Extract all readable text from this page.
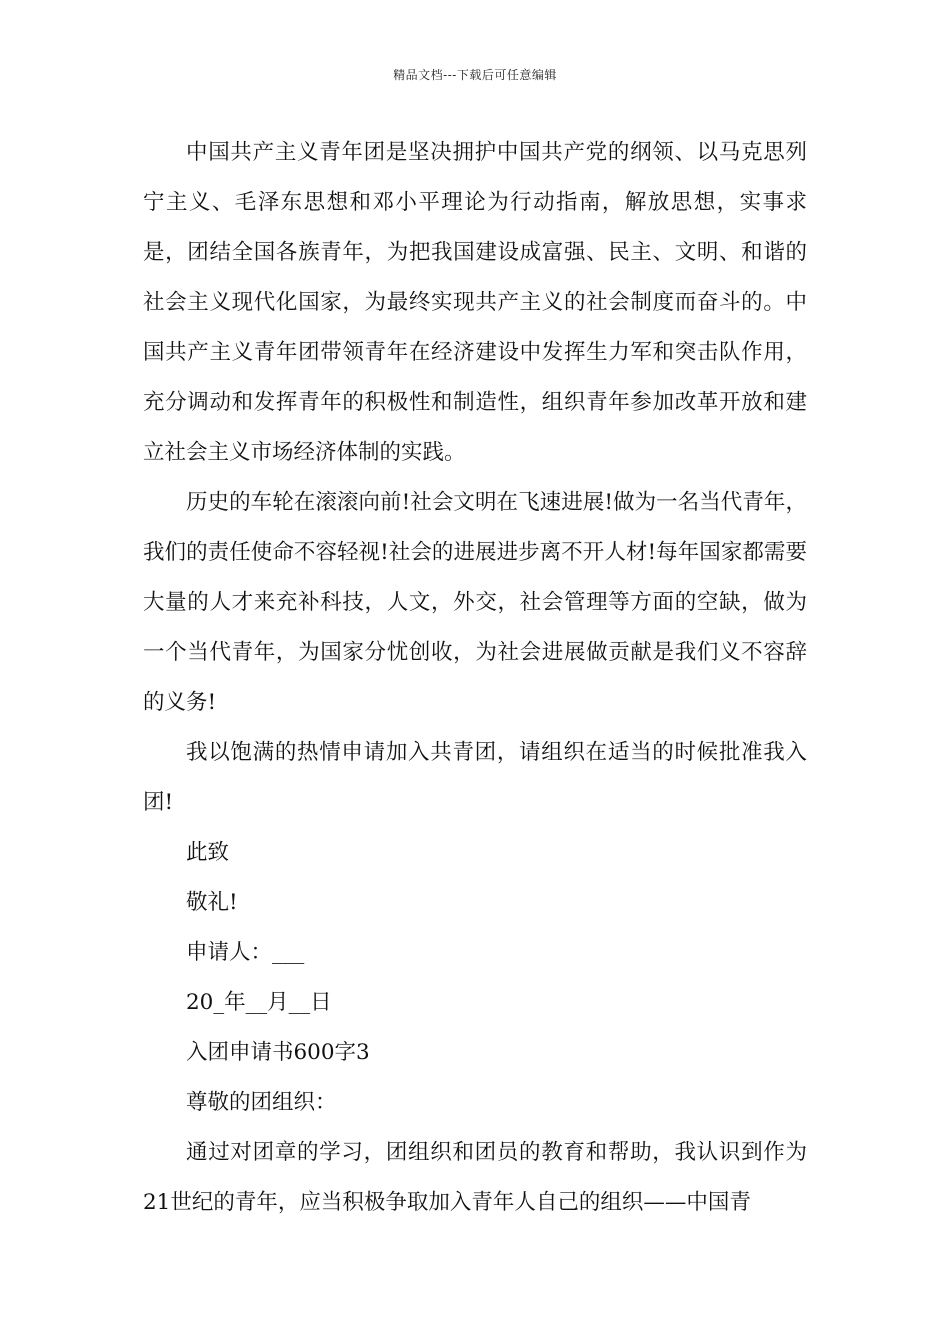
精品文档---下载后可任意编辑

中国共产主义青年团是坚决拥护中国共产党的纲领、以马克思列宁主义、毛泽东思想和邓小平理论为行动指南，解放思想，实事求是，团结全国各族青年，为把我国建设成富强、民主、文明、和谐的社会主义现代化国家，为最终实现共产主义的社会制度而奋斗的。中国共产主义青年团带领青年在经济建设中发挥生力军和突击队作用，充分调动和发挥青年的积极性和制造性，组织青年参加改革开放和建立社会主义市场经济体制的实践。

历史的车轮在滚滚向前!社会文明在飞速进展!做为一名当代青年，我们的责任使命不容轻视!社会的进展进步离不开人材!每年国家都需要大量的人才来充补科技，人文，外交，社会管理等方面的空缺，做为一个当代青年，为国家分忧创收，为社会进展做贡献是我们义不容辞的义务!

我以饱满的热情申请加入共青团，请组织在适当的时候批准我入团!

此致

敬礼!

申请人：___

20_年__月__日

入团申请书600字3

尊敬的团组织：

通过对团章的学习，团组织和团员的教育和帮助，我认识到作为21世纪的青年，应当积极争取加入青年人自己的组织——中国青
